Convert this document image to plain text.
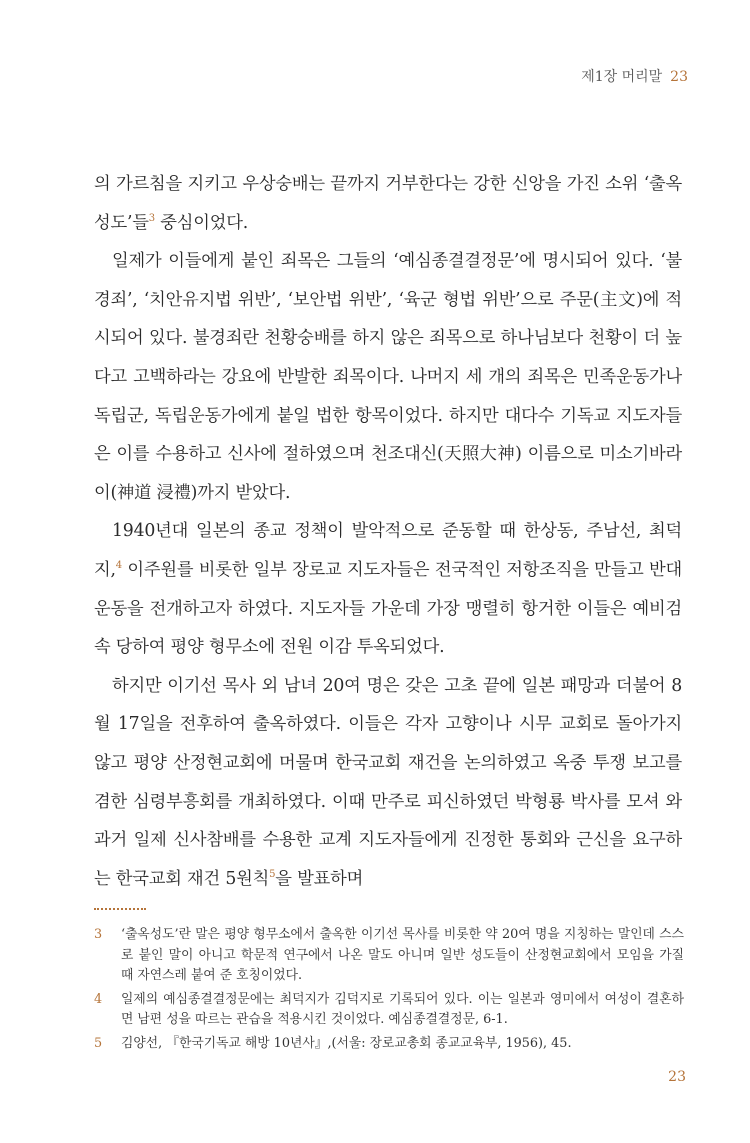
제1장 머리말 23

의 가르침을 지키고 우상숭배는 끝까지 거부한다는 강한 신앙을 가진 소위 ‘출옥성도’들$^3$ 중심이었다.

일제가 이들에게 붙인 죄목은 그들의 ‘예심종결결정문’에 명시되어 있다. ‘불경죄’, ‘치안유지법 위반’, ‘보안법 위반’, ‘육군 형법 위반’으로 주문(主文)에 적시되어 있다. 불경죄란 천황숭배를 하지 않은 죄목으로 하나님보다 천황이 더 높다고 고백하라는 강요에 반발한 죄목이다. 나머지 세 개의 죄목은 민족운동가나 독립군, 독립운동가에게 붙일 법한 항목이었다. 하지만 대다수 기독교 지도자들은 이를 수용하고 신사에 절하였으며 천조대신(天照大神) 이름으로 미소기바라이(神道 浸禮)까지 받았다.

1940년대 일본의 종교 정책이 발악적으로 준동할 때 한상동, 주남선, 최덕지,$^4$ 이주원를 비롯한 일부 장로교 지도자들은 전국적인 저항조직을 만들고 반대운동을 전개하고자 하였다. 지도자들 가운데 가장 맹렬히 항거한 이들은 예비검속 당하여 평양 형무소에 전원 이감 투옥되었다.

하지만 이기선 목사 외 남녀 20여 명은 갖은 고초 끝에 일본 패망과 더불어 8월 17일을 전후하여 출옥하였다. 이들은 각자 고향이나 시무 교회로 돌아가지 않고 평양 산정현교회에 머물며 한국교회 재건을 논의하였고 옥중 투쟁 보고를 겸한 심령부흥회를 개최하였다. 이때 만주로 피신하였던 박형룡 박사를 모셔 와 과거 일제 신사참배를 수용한 교계 지도자들에게 진정한 통회와 근신을 요구하는 한국교회 재건 5원칙$^5$을 발표하며

3	‘출옥성도’란 말은 평양 형무소에서 출옥한 이기선 목사를 비롯한 약 20여 명을 지칭하는 말인데 스스로 붙인 말이 아니고 학문적 연구에서 나온 말도 아니며 일반 성도들이 산정현교회에서 모임을 가질 때 자연스레 붙여 준 호칭이었다.
4	일제의 예심종결결정문에는 최덕지가 김덕지로 기록되어 있다. 이는 일본과 영미에서 여성이 결혼하면 남편 성을 따르는 관습을 적용시킨 것이었다. 예심종결결정문, 6-1.
5	김양선, 『한국기독교 해방 10년사』,(서울: 장로교총회 종교교육부, 1956), 45.
23
